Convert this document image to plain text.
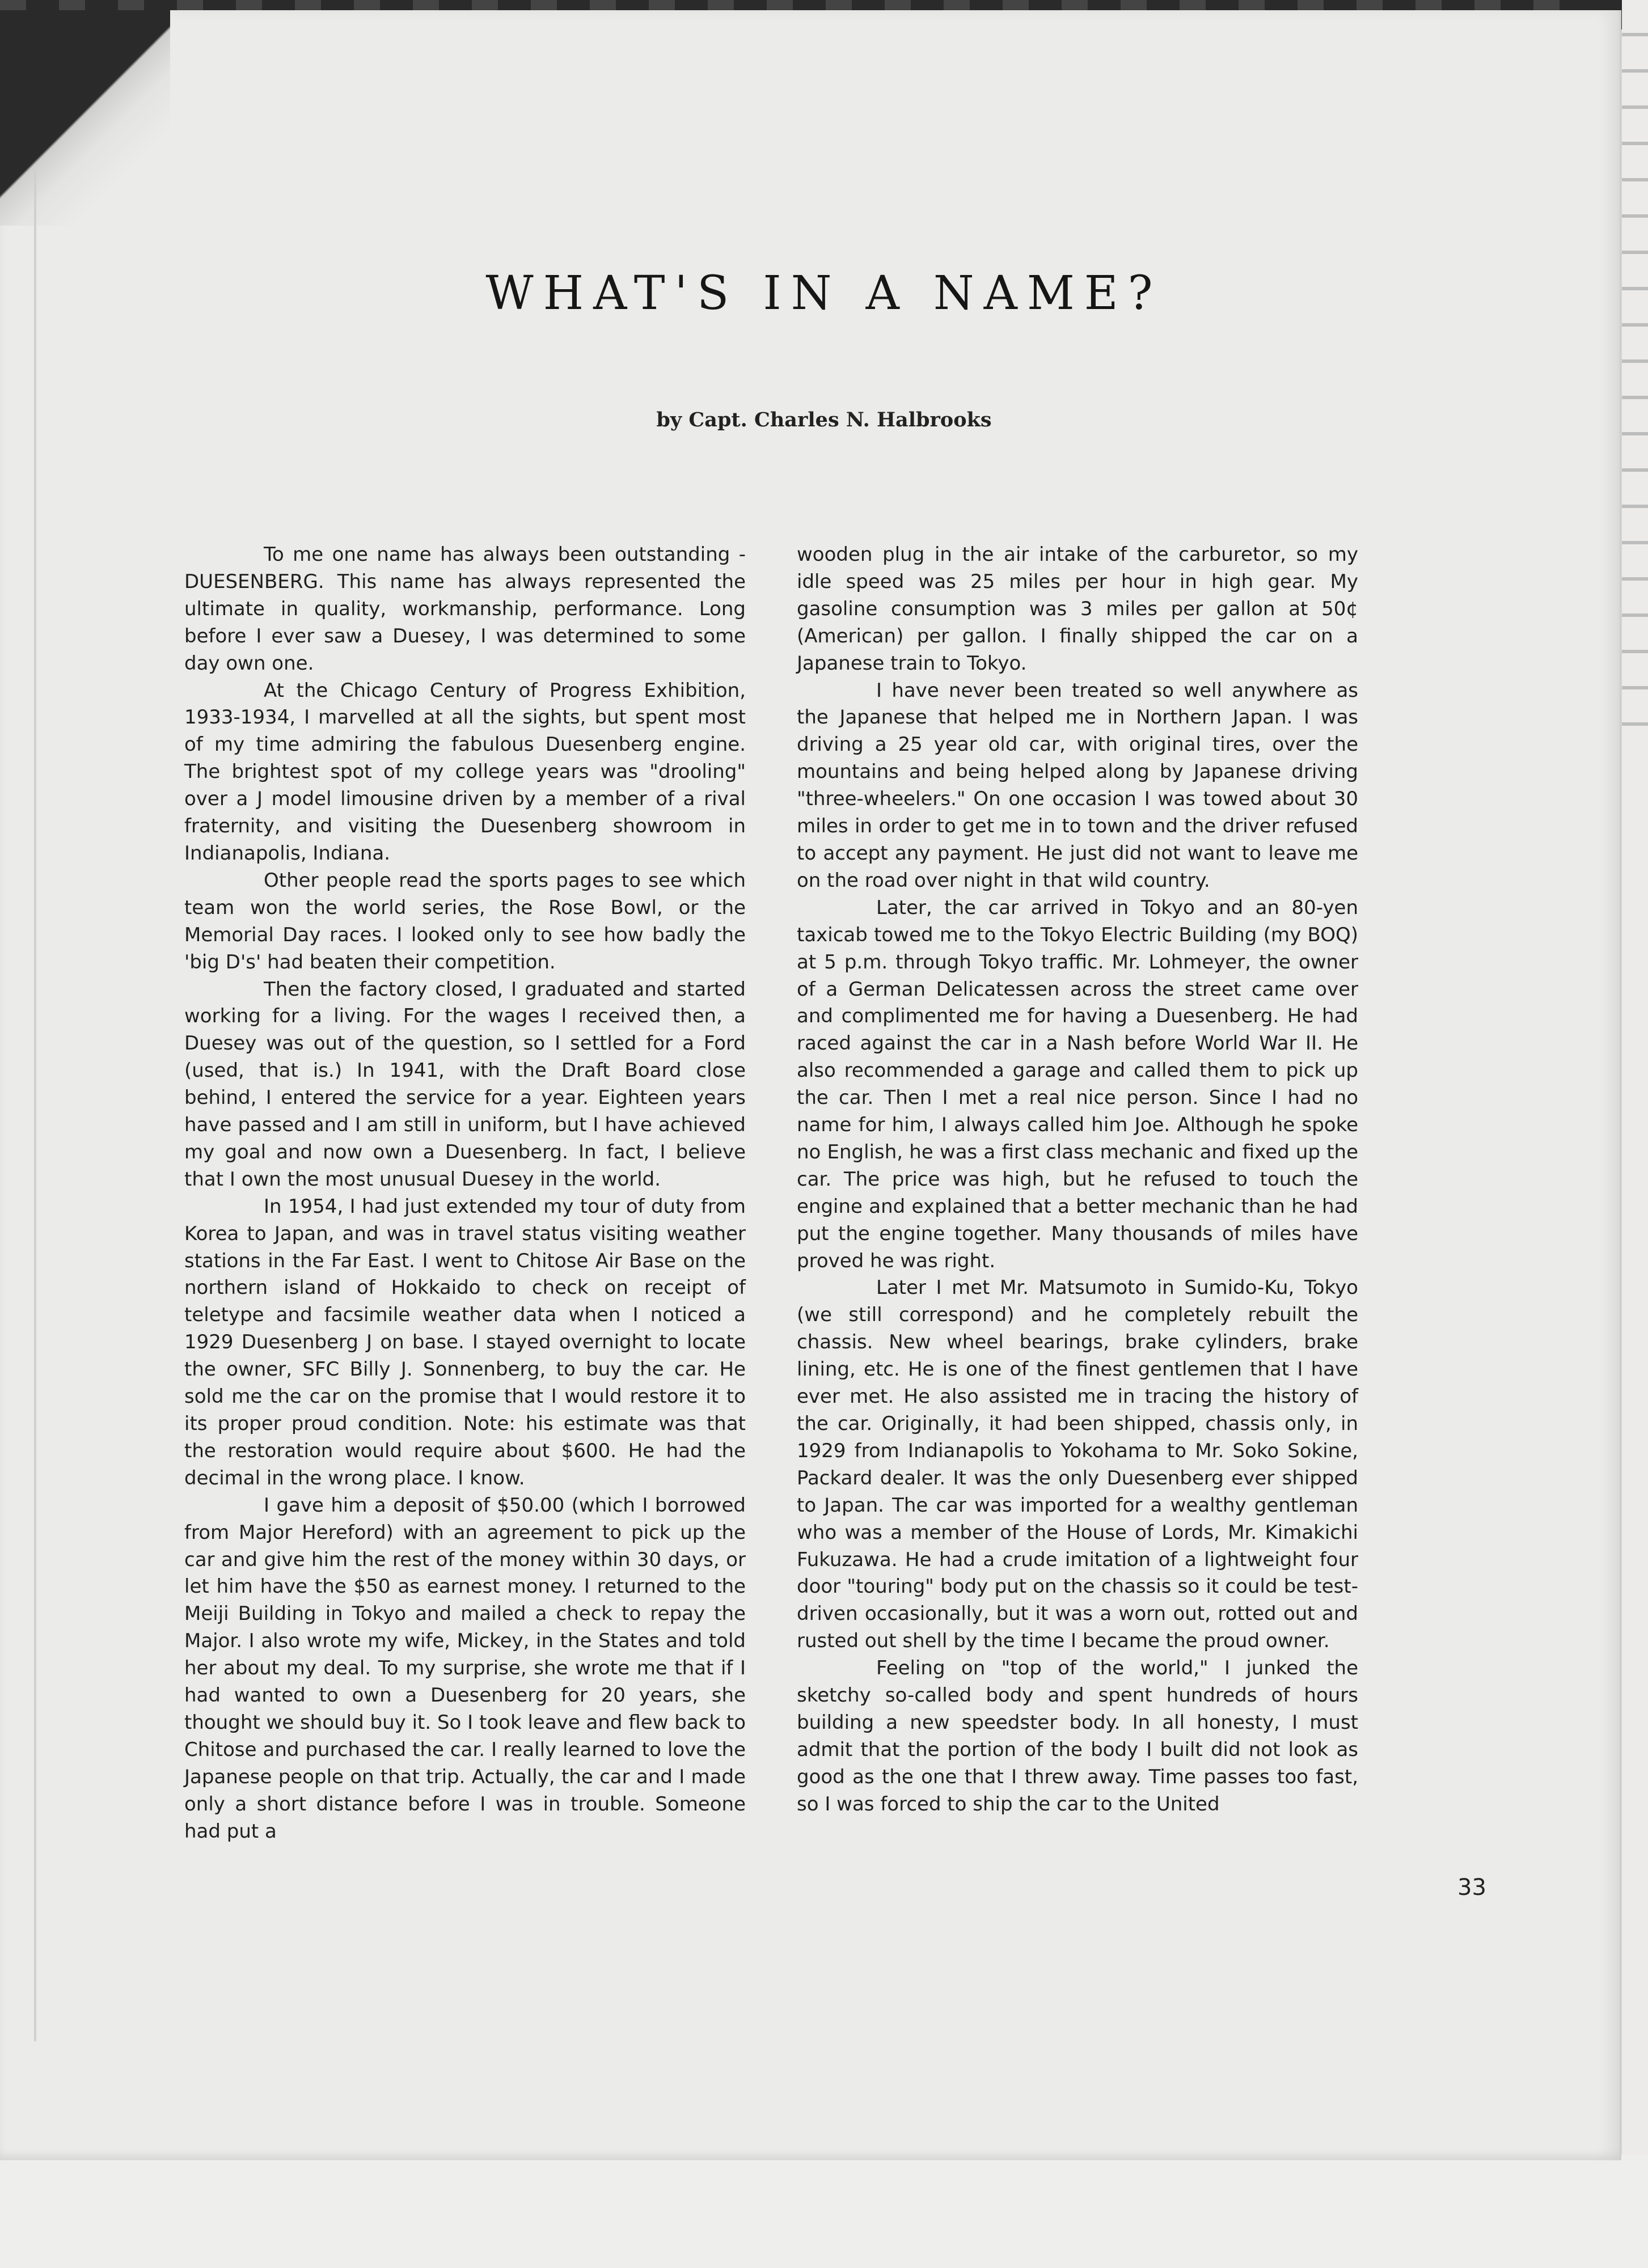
WHAT'S IN A NAME?
by Capt. Charles N. Halbrooks

To me one name has always been outstanding - DUESENBERG. This name has always represented the ultimate in quality, workmanship, performance. Long before I ever saw a Duesey, I was determined to some day own one.

At the Chicago Century of Progress Exhibition, 1933-1934, I marvelled at all the sights, but spent most of my time admiring the fabulous Duesenberg engine. The brightest spot of my college years was "drooling" over a J model limousine driven by a member of a rival fraternity, and visiting the Duesenberg showroom in Indianapolis, Indiana.

Other people read the sports pages to see which team won the world series, the Rose Bowl, or the Memorial Day races. I looked only to see how badly the 'big D's' had beaten their competition.

Then the factory closed, I graduated and started working for a living. For the wages I received then, a Duesey was out of the question, so I settled for a Ford (used, that is.) In 1941, with the Draft Board close behind, I entered the service for a year. Eighteen years have passed and I am still in uniform, but I have achieved my goal and now own a Duesenberg. In fact, I believe that I own the most unusual Duesey in the world.

In 1954, I had just extended my tour of duty from Korea to Japan, and was in travel status visiting weather stations in the Far East. I went to Chitose Air Base on the northern island of Hokkaido to check on receipt of teletype and facsimile weather data when I noticed a 1929 Duesenberg J on base. I stayed overnight to locate the owner, SFC Billy J. Sonnenberg, to buy the car. He sold me the car on the promise that I would restore it to its proper proud condition. Note: his estimate was that the restoration would require about $600. He had the decimal in the wrong place. I know.

I gave him a deposit of $50.00 (which I borrowed from Major Hereford) with an agreement to pick up the car and give him the rest of the money within 30 days, or let him have the $50 as earnest money. I returned to the Meiji Building in Tokyo and mailed a check to repay the Major. I also wrote my wife, Mickey, in the States and told her about my deal. To my surprise, she wrote me that if I had wanted to own a Duesenberg for 20 years, she thought we should buy it. So I took leave and flew back to Chitose and purchased the car. I really learned to love the Japanese people on that trip. Actually, the car and I made only a short distance before I was in trouble. Someone had put a

wooden plug in the air intake of the carburetor, so my idle speed was 25 miles per hour in high gear. My gasoline consumption was 3 miles per gallon at 50¢ (American) per gallon. I finally shipped the car on a Japanese train to Tokyo.

I have never been treated so well anywhere as the Japanese that helped me in Northern Japan. I was driving a 25 year old car, with original tires, over the mountains and being helped along by Japanese driving "three-wheelers." On one occasion I was towed about 30 miles in order to get me in to town and the driver refused to accept any payment. He just did not want to leave me on the road over night in that wild country.

Later, the car arrived in Tokyo and an 80-yen taxicab towed me to the Tokyo Electric Building (my BOQ) at 5 p.m. through Tokyo traffic. Mr. Lohmeyer, the owner of a German Delicatessen across the street came over and complimented me for having a Duesenberg. He had raced against the car in a Nash before World War II. He also recommended a garage and called them to pick up the car. Then I met a real nice person. Since I had no name for him, I always called him Joe. Although he spoke no English, he was a first class mechanic and fixed up the car. The price was high, but he refused to touch the engine and explained that a better mechanic than he had put the engine together. Many thousands of miles have proved he was right.

Later I met Mr. Matsumoto in Sumido-Ku, Tokyo (we still correspond) and he completely rebuilt the chassis. New wheel bearings, brake cylinders, brake lining, etc. He is one of the finest gentlemen that I have ever met. He also assisted me in tracing the history of the car. Originally, it had been shipped, chassis only, in 1929 from Indianapolis to Yokohama to Mr. Soko Sokine, Packard dealer. It was the only Duesenberg ever shipped to Japan. The car was imported for a wealthy gentleman who was a member of the House of Lords, Mr. Kimakichi Fukuzawa. He had a crude imitation of a lightweight four door "touring" body put on the chassis so it could be test-driven occasionally, but it was a worn out, rotted out and rusted out shell by the time I became the proud owner.

Feeling on "top of the world," I junked the sketchy so-called body and spent hundreds of hours building a new speedster body. In all honesty, I must admit that the portion of the body I built did not look as good as the one that I threw away. Time passes too fast, so I was forced to ship the car to the United

33
